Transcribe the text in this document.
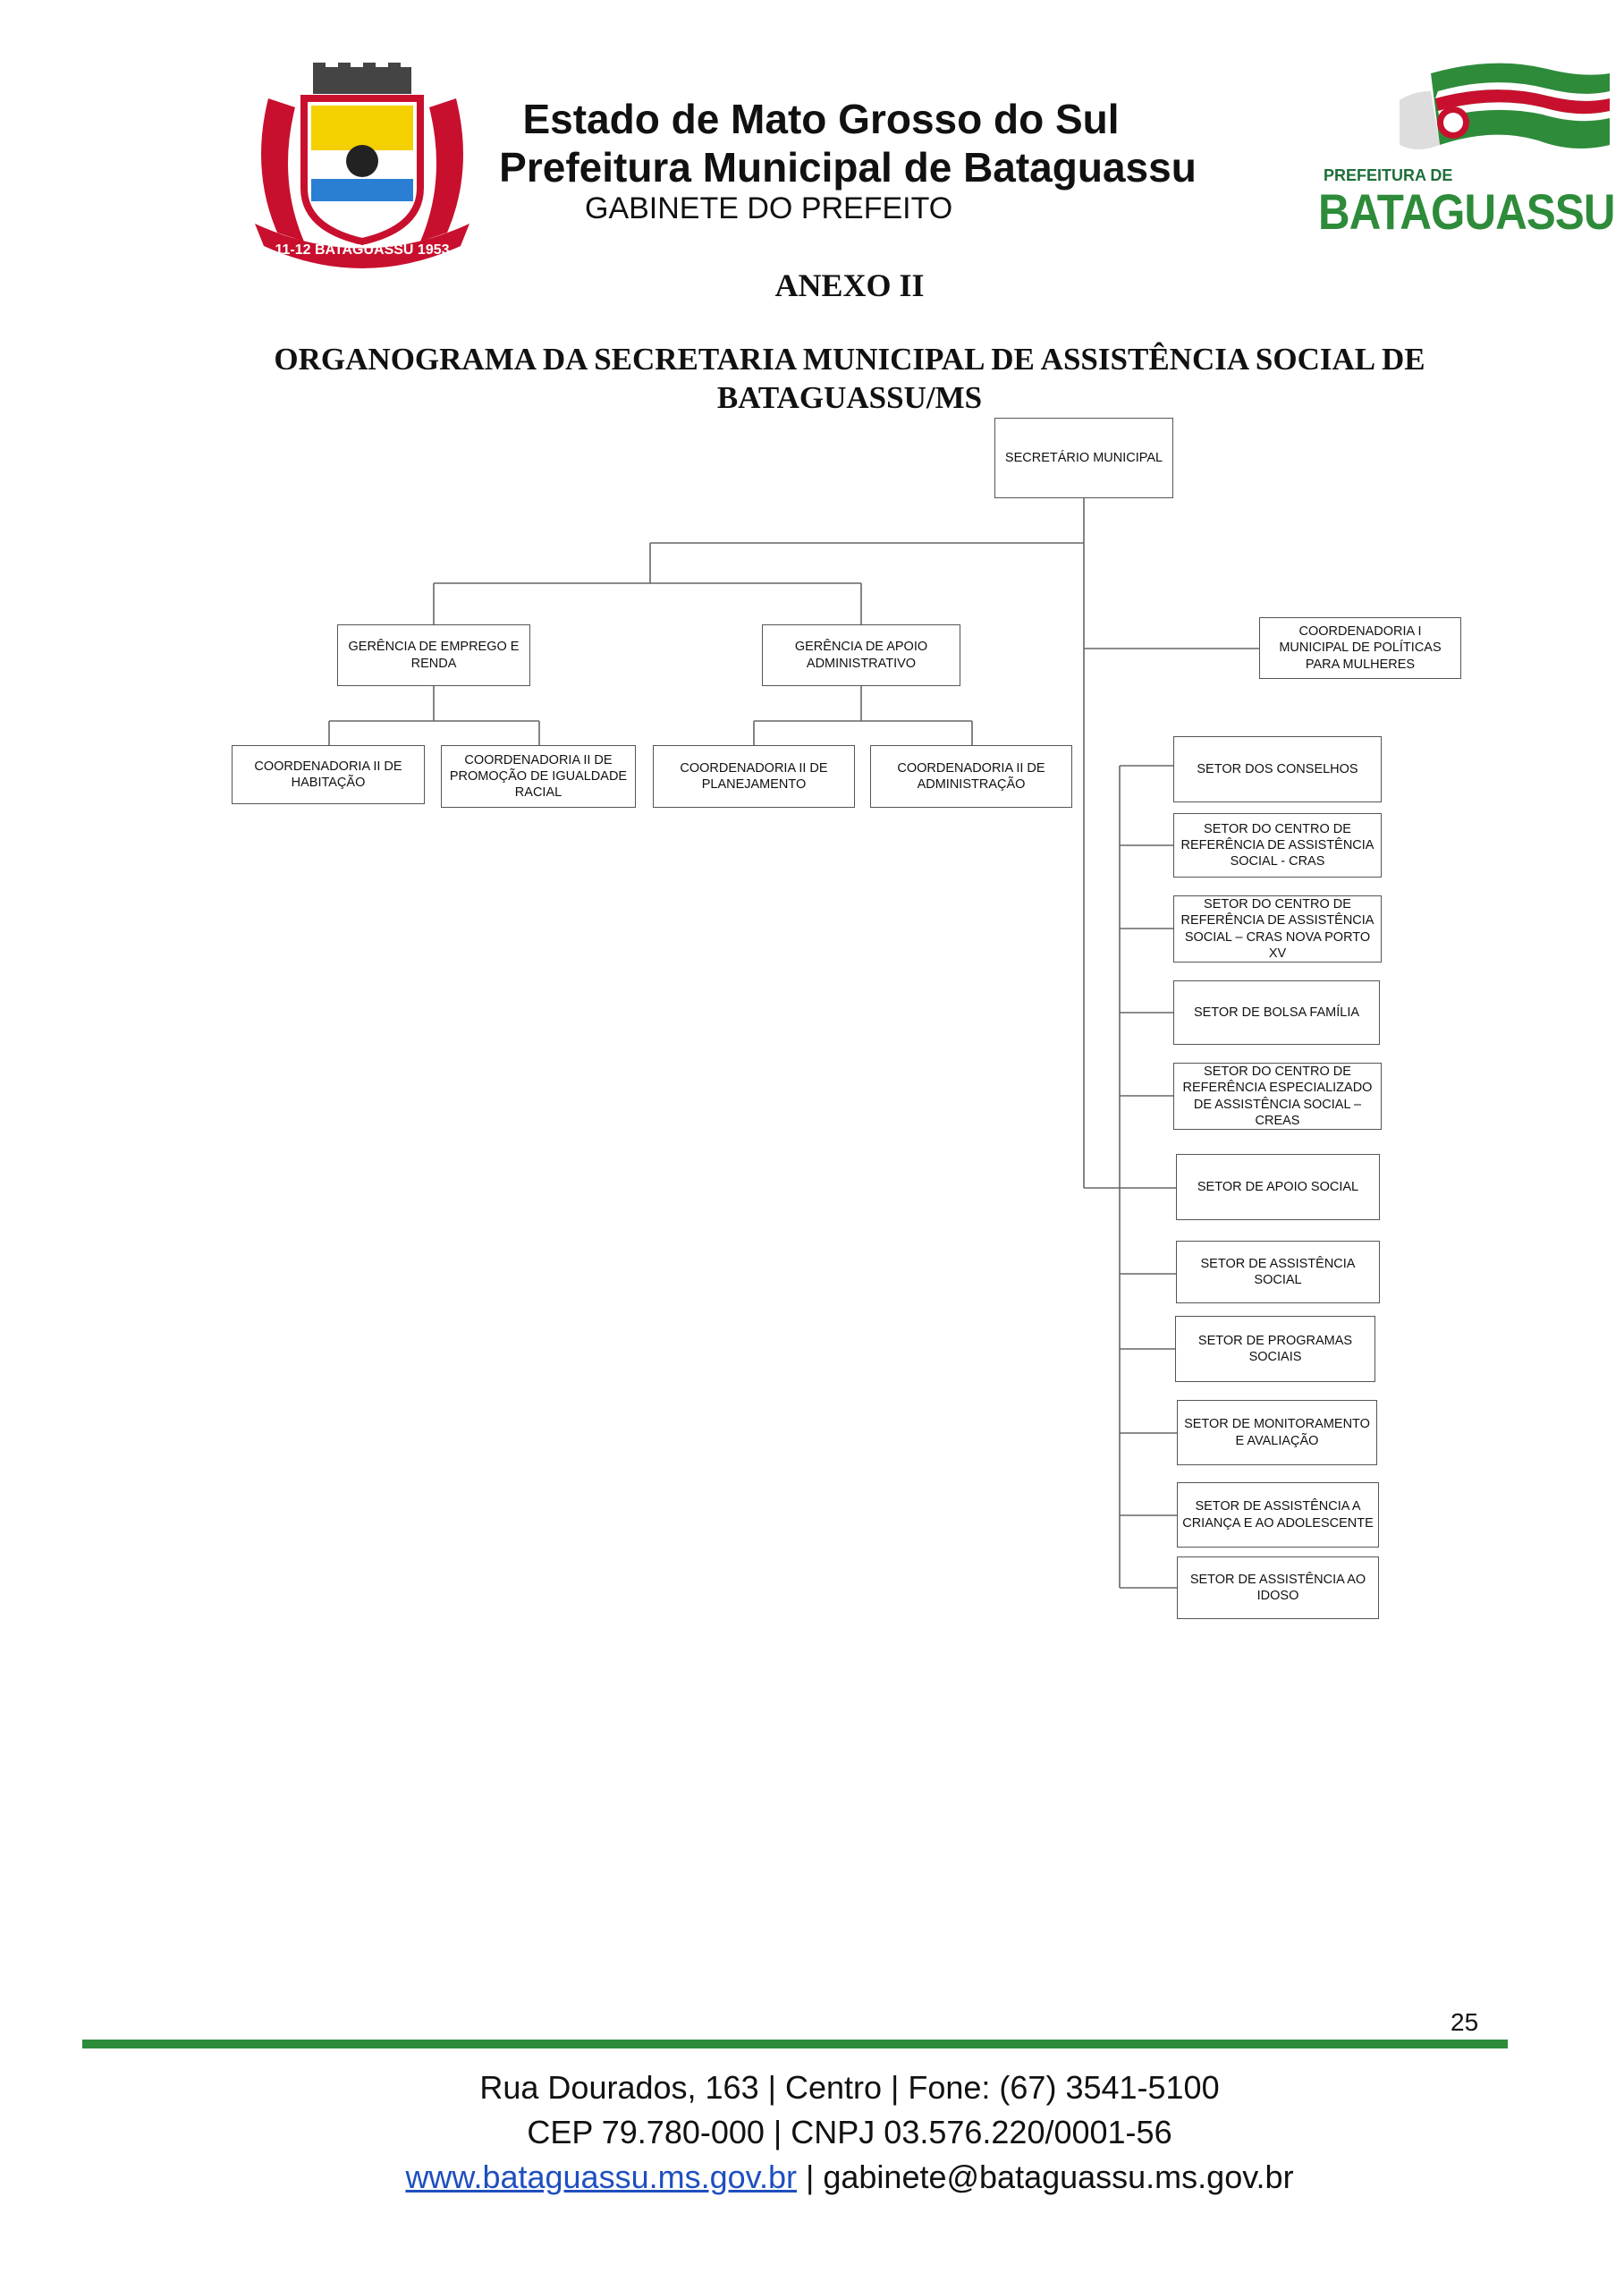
11-12 BATAGUASSU 1953
Estado de Mato Grosso do Sul
Prefeitura Municipal de Bataguassu
GABINETE DO PREFEITO
PREFEITURA DE
BATAGUASSU
ANEXO II
ORGANOGRAMA DA SECRETARIA MUNICIPAL DE ASSISTÊNCIA SOCIAL DE
BATAGUASSU/MS
SECRETÁRIO MUNICIPAL
GERÊNCIA DE EMPREGO E RENDA
GERÊNCIA DE APOIO ADMINISTRATIVO
COORDENADORIA I MUNICIPAL DE POLÍTICAS PARA MULHERES
COORDENADORIA II DE HABITAÇÃO
COORDENADORIA II DE PROMOÇÃO DE IGUALDADE RACIAL
COORDENADORIA II DE PLANEJAMENTO
COORDENADORIA II DE ADMINISTRAÇÃO
SETOR DOS CONSELHOS
SETOR DO CENTRO DE REFERÊNCIA DE ASSISTÊNCIA SOCIAL - CRAS
SETOR DO CENTRO DE REFERÊNCIA DE ASSISTÊNCIA SOCIAL – CRAS NOVA PORTO XV
SETOR DE BOLSA FAMÍLIA
SETOR DO CENTRO DE REFERÊNCIA ESPECIALIZADO DE ASSISTÊNCIA SOCIAL – CREAS
SETOR DE APOIO SOCIAL
SETOR DE ASSISTÊNCIA SOCIAL
SETOR DE PROGRAMAS SOCIAIS
SETOR DE MONITORAMENTO E AVALIAÇÃO
SETOR DE ASSISTÊNCIA A CRIANÇA E AO ADOLESCENTE
SETOR DE ASSISTÊNCIA AO IDOSO
25
Rua Dourados, 163 | Centro | Fone: (67) 3541-5100
CEP 79.780-000 | CNPJ 03.576.220/0001-56
www.bataguassu.ms.gov.br | gabinete@bataguassu.ms.gov.br
